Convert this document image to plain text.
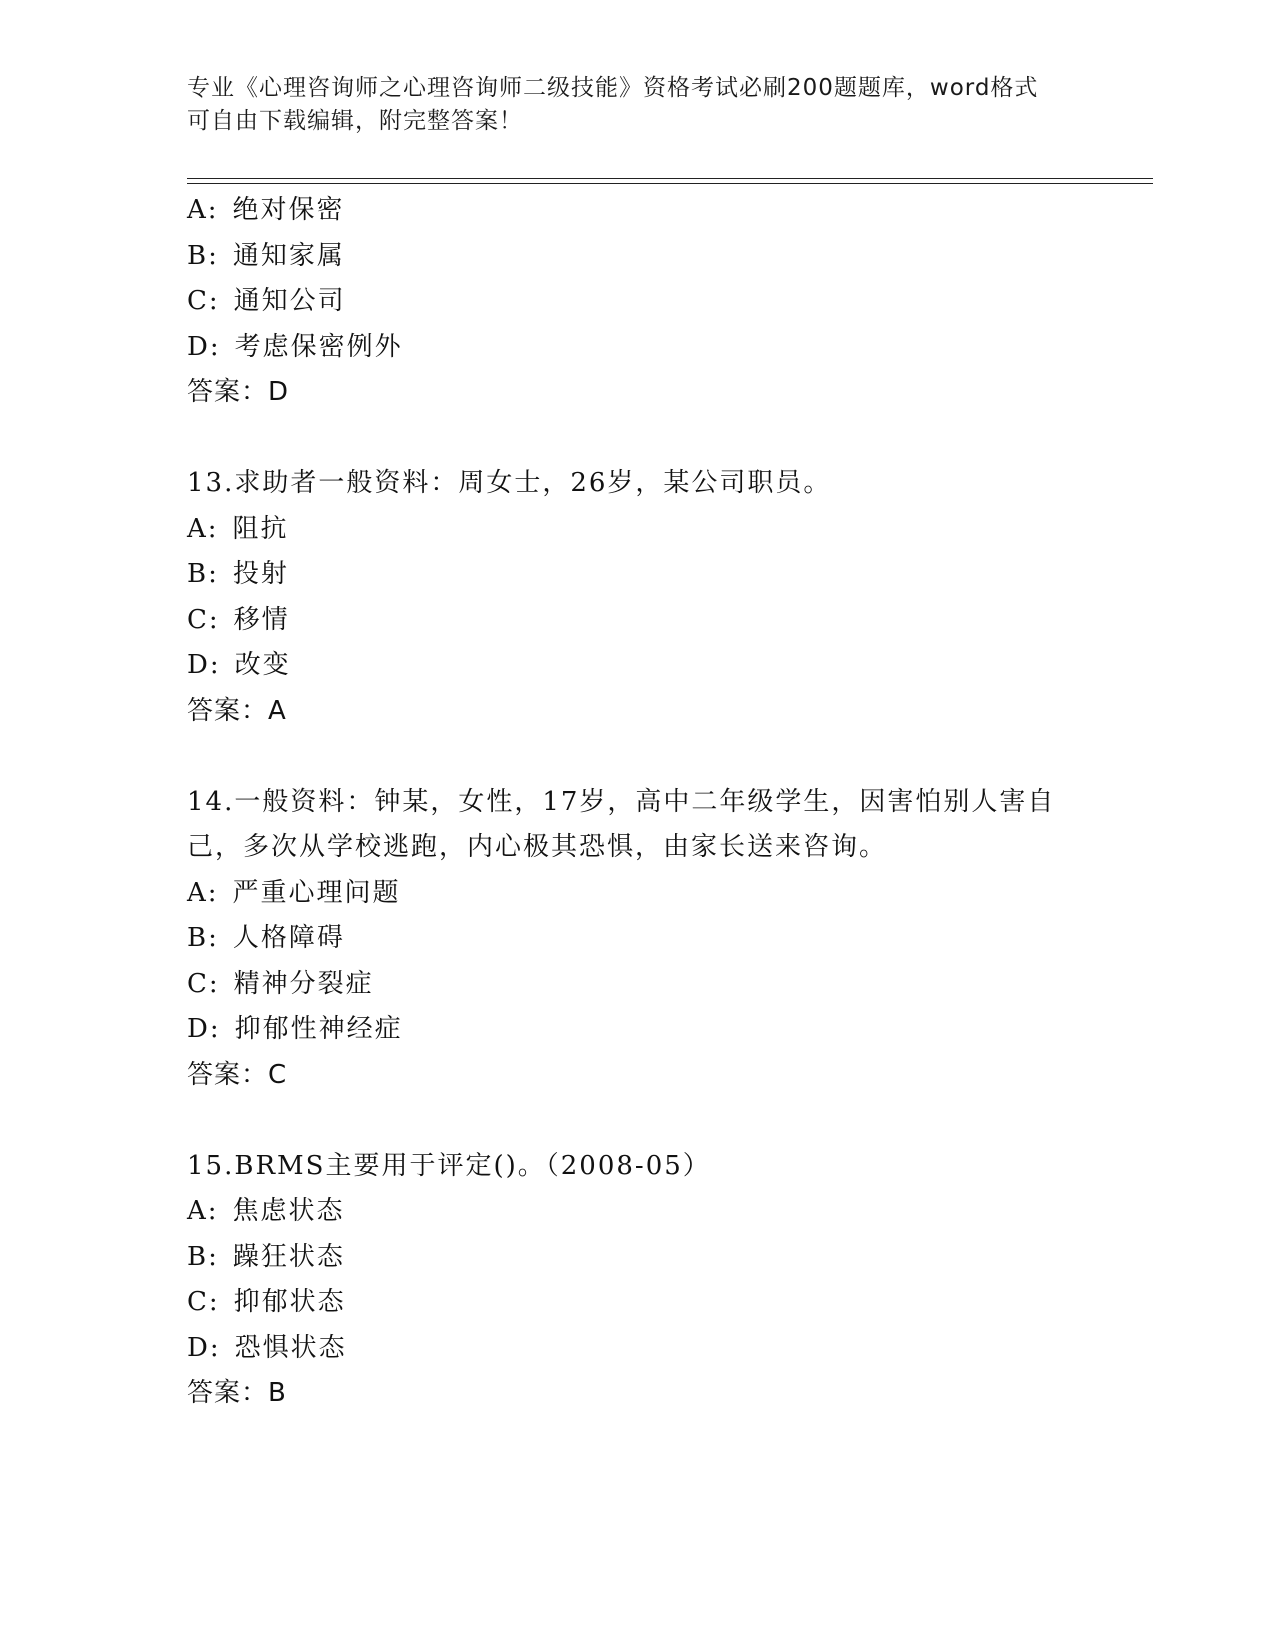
专业《心理咨询师之心理咨询师二级技能》资格考试必刷200题题库，word格式
可自由下载编辑，附完整答案！
A: 绝对保密
B: 通知家属
C: 通知公司
D: 考虑保密例外
答案：D
13.求助者一般资料：周女士，26岁，某公司职员。
A: 阻抗
B: 投射
C: 移情
D: 改变
答案：A
14.一般资料：钟某，女性，17岁，高中二年级学生，因害怕别人害自
己，多次从学校逃跑，内心极其恐惧，由家长送来咨询。
A: 严重心理问题
B: 人格障碍
C: 精神分裂症
D: 抑郁性神经症
答案：C
15.BRMS主要用于评定()。（2008-05）
A: 焦虑状态
B: 躁狂状态
C: 抑郁状态
D: 恐惧状态
答案：B
